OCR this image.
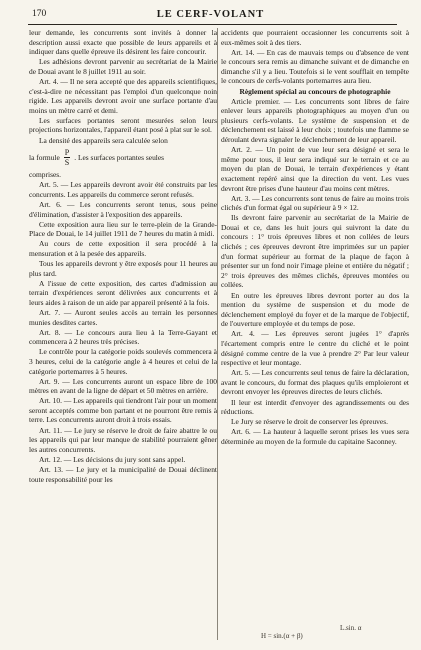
170	LE CERF-VOLANT
leur demande, les concurrents sont invités à donner la description aussi exacte que possible de leurs appareils et à indiquer dans quelle épreuve ils désirent les faire concourir.
Les adhésions devront parvenir au secrétariat de la Mairie de Douai avant le 8 juillet 1911 au soir.
Art. 4. — Il ne sera accepté que des appareils scientifiques, c'est-à-dire ne nécessitant pas l'emploi d'un quelconque noin rigide. Les appareils devront avoir une surface portante d'au moins un mètre carré et demi.
Les surfaces portantes seront mesurées selon leurs projections horizontales, l'appareil étant posé à plat sur le sol.
La densité des appareils sera calculée selon
la formule $\frac{P}{S}$ . Les surfaces portantes seules
comprises.
Art. 5. — Les appareils devront avoir été construits par les concurrents. Les appareils du commerce seront refusés.
Art. 6. — Les concurrents seront tenus, sous peine d'élimination, d'assister à l'exposition des appareils.
Cette exposition aura lieu sur le terre-plein de la Grande-Place de Douai, le 14 juillet 1911 de 7 heures du matin à midi.
Au cours de cette exposition il sera procédé à la mensuration et à la pesée des appareils.
Tous les appareils devront y être exposés pour 11 heures au plus tard.
A l'issue de cette exposition, des cartes d'admission au terrain d'expériences seront délivrées aux concurrents et à leurs aides à raison de un aide par appareil présenté à la fois.
Art. 7. — Auront seules accès au terrain les personnes munies desdites cartes.
Art. 8. — Le concours aura lieu à la Terre-Gayant et commencera à 2 heures très précises.
Le contrôle pour la catégorie poids soulevés commencera à 3 heures, celui de la catégorie angle à 4 heures et celui de la catégorie portemarres à 5 heures.
Art. 9. — Les concurrents auront un espace libre de 100 mètres en avant de la ligne de départ et 50 mètres en arrière.
Art. 10. — Les appareils qui tiendront l'air pour un moment seront acceptés comme bon partant et ne pourront être remis à terre. Les concurrents auront droit à trois essais.
Art. 11. — Le jury se réserve le droit de faire abattre le ou les appareils qui par leur manque de stabilité pourraient gêner les autres concurrents.
Art. 12. — Les décisions du jury sont sans appel.
Art. 13. — Le jury et la municipalité de Douai déclinent toute responsabilité pour les
accidents que pourraient occasionner les concurrents soit à eux-mêmes soit à des tiers.
Art. 14. — En cas de mauvais temps ou d'absence de vent le concours sera remis au dimanche suivant et de dimanche en dimanche s'il y a lieu. Toutefois si le vent soufflait en tempête le concours de cerfs-volants portemarres aura lieu.
Règlement spécial au concours de photographie
Article premier. — Les concurrents sont libres de faire enlever leurs appareils photographiques au moyen d'un ou plusieurs cerfs-volants. Le système de suspension et de déclenchement est laissé à leur choix ; toutefois une flamme se déroulant devra signaler le déclenchement de leur appareil.
Art. 2. — Un point de vue leur sera désigné et sera le même pour tous, il leur sera indiqué sur le terrain et ce au moyen du plan de Douai, le terrain d'expériences y étant exactement repéré ainsi que la direction du vent. Les vues devront être prises d'une hauteur d'au moins cent mètres.
Art. 3. — Les concurrents sont tenus de faire au moins trois clichés d'un format égal ou supérieur à 9 × 12.
Ils devront faire parvenir au secrétariat de la Mairie de Douai et ce, dans les huit jours qui suivront la date du concours : 1° trois épreuves libres et non collées de leurs clichés ; ces épreuves devront être imprimées sur un papier d'un format supérieur au format de la plaque de façon à présenter sur un fond noir l'image pleine et entière du négatif ; 2° trois épreuves des mêmes clichés, épreuves montées ou collées.
En outre les épreuves libres devront porter au dos la mention du système de suspension et du mode de déclenchement employé du foyer et de la marque de l'objectif, de l'ouverture employée et du temps de pose.
Art. 4. — Les épreuves seront jugées 1° d'après l'écartement compris entre le centre du cliché et le point désigné comme centre de la vue à prendre 2° Par leur valeur respective et leur montage.
Art. 5. — Les concurrents seul tenus de faire la déclaration, avant le concours, du format des plaques qu'ils emploieront et devront envoyer les épreuves directes de leurs clichés.
Il leur est interdit d'envoyer des agrandissements ou des réductions.
Le Jury se réserve le droit de conserver les épreuves.
Art. 6. — La hauteur à laquelle seront prises les vues sera déterminée au moyen de la formule du capitaine Saconney.
L.sin. α
H = sin.(α + β)
